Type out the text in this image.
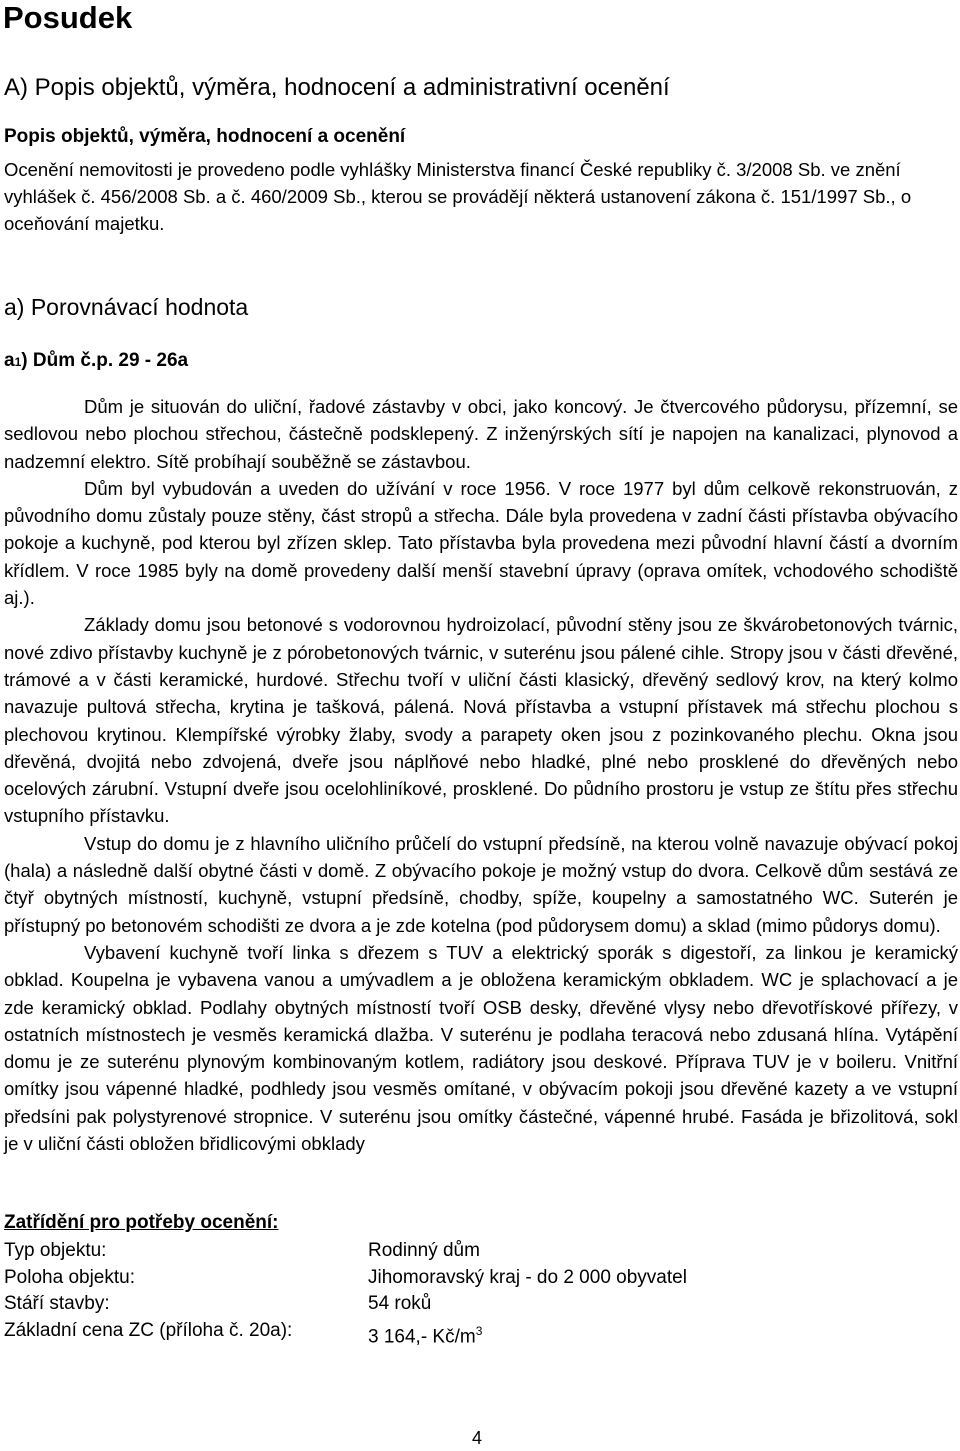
Posudek
A) Popis objektů, výměra, hodnocení a administrativní ocenění
Popis objektů, výměra, hodnocení a ocenění
Ocenění nemovitosti je provedeno podle vyhlášky Ministerstva financí České republiky č. 3/2008 Sb. ve znění vyhlášek č. 456/2008 Sb. a č. 460/2009 Sb., kterou se provádějí některá ustanovení zákona č. 151/1997 Sb., o oceňování majetku.
a) Porovnávací hodnota
a1) Dům č.p. 29 - 26a

Dům je situován do uliční, řadové zástavby v obci, jako koncový. Je čtvercového půdorysu, přízemní, se sedlovou nebo plochou střechou, částečně podsklepený. Z inženýrských sítí je napojen na kanalizaci, plynovod a nadzemní elektro. Sítě probíhají souběžně se zástavbou.

Dům byl vybudován a uveden do užívání v roce 1956. V roce 1977 byl dům celkově rekonstruován, z původního domu zůstaly pouze stěny, část stropů a střecha. Dále byla provedena v zadní části přístavba obývacího pokoje a kuchyně, pod kterou byl zřízen sklep. Tato přístavba byla provedena mezi původní hlavní částí a dvorním křídlem. V roce 1985 byly na domě provedeny další menší stavební úpravy (oprava omítek, vchodového schodiště aj.).

Základy domu jsou betonové s vodorovnou hydroizolací, původní stěny jsou ze škvárobetonových tvárnic, nové zdivo přístavby kuchyně je z pórobetonových tvárnic, v suterénu jsou pálené cihle. Stropy jsou v části dřevěné, trámové a v části keramické, hurdové. Střechu tvoří v uliční části klasický, dřevěný sedlový krov, na který kolmo navazuje pultová střecha, krytina je tašková, pálená. Nová přístavba a vstupní přístavek má střechu plochou s plechovou krytinou. Klempířské výrobky žlaby, svody a parapety oken jsou z pozinkovaného plechu. Okna jsou dřevěná, dvojitá nebo zdvojená, dveře jsou náplňové nebo hladké, plné nebo prosklené do dřevěných nebo ocelových zárubní. Vstupní dveře jsou ocelohliníkové, prosklené. Do půdního prostoru je vstup ze štítu přes střechu vstupního přístavku.

Vstup do domu je z hlavního uličního průčelí do vstupní předsíně, na kterou volně navazuje obývací pokoj (hala) a následně další obytné části v domě. Z obývacího pokoje je možný vstup do dvora. Celkově dům sestává ze čtyř obytných místností, kuchyně, vstupní předsíně, chodby, spíže, koupelny a samostatného WC. Suterén je přístupný po betonovém schodišti ze dvora a je zde kotelna (pod půdorysem domu) a sklad (mimo půdorys domu).

Vybavení kuchyně tvoří linka s dřezem s TUV a elektrický sporák s digestoří, za linkou je keramický obklad. Koupelna je vybavena vanou a umývadlem a je obložena keramickým obkladem. WC je splachovací a je zde keramický obklad. Podlahy obytných místností tvoří OSB desky, dřevěné vlysy nebo dřevotřískové přířezy, v ostatních místnostech je vesměs keramická dlažba. V suterénu je podlaha teracová nebo zdusaná hlína. Vytápění domu je ze suterénu plynovým kombinovaným kotlem, radiátory jsou deskové. Příprava TUV je v boileru. Vnitřní omítky jsou vápenné hladké, podhledy jsou vesměs omítané, v obývacím pokoji jsou dřevěné kazety a ve vstupní předsíni pak polystyrenové stropnice. V suterénu jsou omítky částečné, vápenné hrubé. Fasáda je břizolitová, sokl je v uliční části obložen břidlicovými obklady

Zatřídění pro potřeby ocenění:
Typ objektu:	Rodinný dům
Poloha objektu:	Jihomoravský kraj - do 2 000 obyvatel
Stáří stavby:	54 roků
Základní cena ZC (příloha č. 20a):	3 164,- $Kč/m^3$
4
